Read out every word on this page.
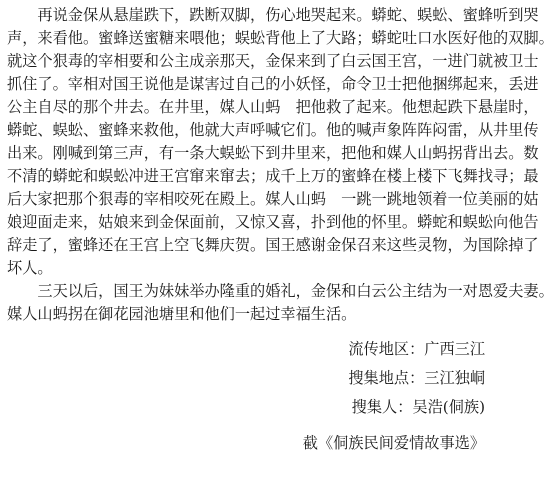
　　再说金保从悬崖跌下，跌断双脚，伤心地哭起来。蟒蛇、蜈蚣、蜜蜂听到哭
声，来看他。蜜蜂送蜜糖来喂他；蜈蚣背他上了大路；蟒蛇吐口水医好他的双脚。
就这个狠毒的宰相要和公主成亲那天，金保来到了白云国王宫，一进门就被卫士
抓住了。宰相对国王说他是谋害过自己的小妖怪，命令卫士把他捆绑起来，丢进
公主自尽的那个井去。在井里，媒人山蚂　把他救了起来。他想起跌下悬崖时，
蟒蛇、蜈蚣、蜜蜂来救他，他就大声呼喊它们。他的喊声象阵阵闷雷，从井里传
出来。刚喊到第三声，有一条大蜈蚣下到井里来，把他和媒人山蚂拐背出去。数
不清的蟒蛇和蜈蚣冲进王宫窜来窜去；成千上万的蜜蜂在楼上楼下飞舞找寻；最
后大家把那个狠毒的宰相咬死在殿上。媒人山蚂　一跳一跳地领着一位美丽的姑
娘迎面走来，姑娘来到金保面前，又惊又喜，扑到他的怀里。蟒蛇和蜈蚣向他告
辞走了，蜜蜂还在王宫上空飞舞庆贺。国王感谢金保召来这些灵物，为国除掉了
坏人。
　　三天以后，国王为妹妹举办隆重的婚礼，金保和白云公主结为一对恩爱夫妻。
媒人山蚂拐在御花园池塘里和他们一起过幸福生活。
流传地区：广西三江
搜集地点：三江独峒
搜集人：吴浩(侗族)
截《侗族民间爱情故事选》
